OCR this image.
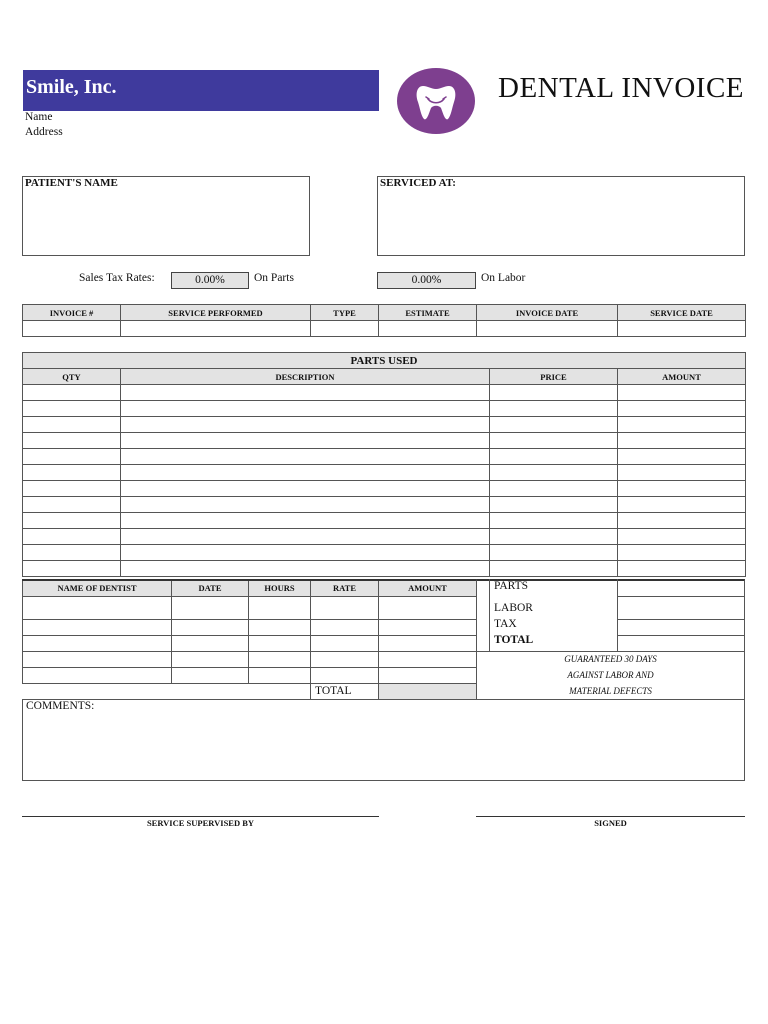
Smile, Inc.
Name
Address
DENTAL INVOICE
PATIENT'S NAME	SERVICED AT:
Sales Tax Rates:	0.00%	On Parts	0.00%	On Labor
INVOICE #	SERVICE PERFORMED	TYPE	ESTIMATE	INVOICE DATE	SERVICE DATE

PARTS USED			
QTY	DESCRIPTION	PRICE	AMOUNT

NAME OF DENTIST	DATE	HOURS	RATE	AMOUNT

			TOTAL	
PARTS
LABOR
TAX
TOTAL
GUARANTEED 30 DAYS
AGAINST LABOR AND
MATERIAL DEFECTS
COMMENTS:
SERVICE SUPERVISED BY	SIGNED
